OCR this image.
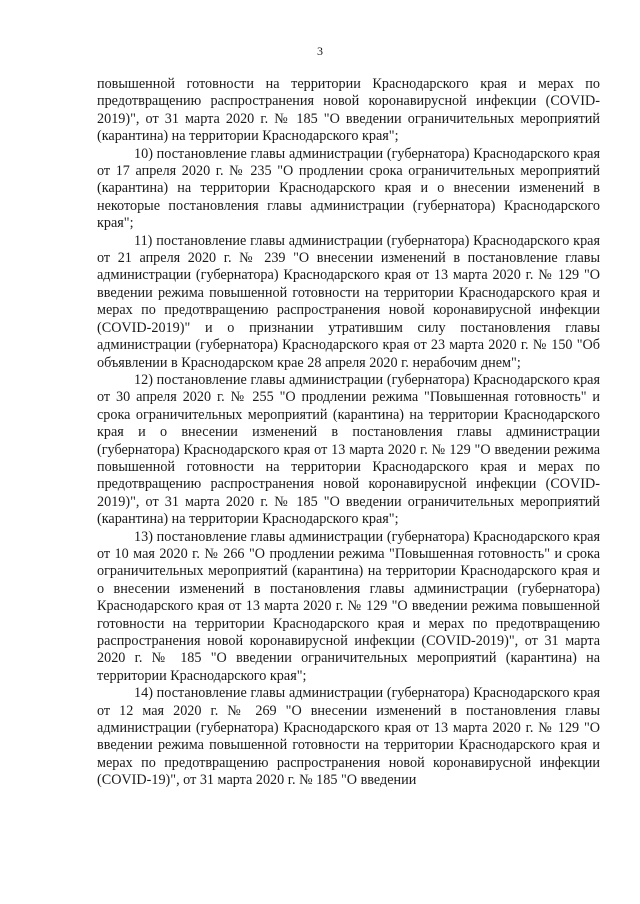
3

повышенной готовности на территории Краснодарского края и мерах по предотвращению распространения новой коронавирусной инфекции (COVID-2019)", от 31 марта 2020 г. № 185 "О введении ограничительных мероприятий (карантина) на территории Краснодарского края";

10) постановление главы администрации (губернатора) Краснодарского края от 17 апреля 2020 г. № 235 "О продлении срока ограничительных мероприятий (карантина) на территории Краснодарского края и о внесении изменений в некоторые постановления главы администрации (губернатора) Краснодарского края";

11) постановление главы администрации (губернатора) Краснодарского края от 21 апреля 2020 г. № 239 "О внесении изменений в постановление главы администрации (губернатора) Краснодарского края от 13 марта 2020 г. № 129 "О введении режима повышенной готовности на территории Краснодарского края и мерах по предотвращению распространения новой коронавирусной инфекции (COVID-2019)" и о признании утратившим силу постановления главы администрации (губернатора) Краснодарского края от 23 марта 2020 г. № 150 "Об объявлении в Краснодарском крае 28 апреля 2020 г. нерабочим днем";

12) постановление главы администрации (губернатора) Краснодарского края от 30 апреля 2020 г. № 255 "О продлении режима "Повышенная готовность" и срока ограничительных мероприятий (карантина) на территории Краснодарского края и о внесении изменений в постановления главы администрации (губернатора) Краснодарского края от 13 марта 2020 г. № 129 "О введении режима повышенной готовности на территории Краснодарского края и мерах по предотвращению распространения новой коронавирусной инфекции (COVID-2019)", от 31 марта 2020 г. № 185 "О введении ограничительных мероприятий (карантина) на территории Краснодарского края";

13) постановление главы администрации (губернатора) Краснодарского края от 10 мая 2020 г. № 266 "О продлении режима "Повышенная готовность" и срока ограничительных мероприятий (карантина) на территории Краснодарского края и о внесении изменений в постановления главы администрации (губернатора) Краснодарского края от 13 марта 2020 г. № 129 "О введении режима повышенной готовности на территории Краснодарского края и мерах по предотвращению распространения новой коронавирусной инфекции (COVID-2019)", от 31 марта 2020 г. № 185 "О введении ограничительных мероприятий (карантина) на территории Краснодарского края";

14) постановление главы администрации (губернатора) Краснодарского края от 12 мая 2020 г. № 269 "О внесении изменений в постановления главы администрации (губернатора) Краснодарского края от 13 марта 2020 г. № 129 "О введении режима повышенной готовности на территории Краснодарского края и мерах по предотвращению распространения новой коронавирусной инфекции (COVID-19)", от 31 марта 2020 г. № 185 "О введении
